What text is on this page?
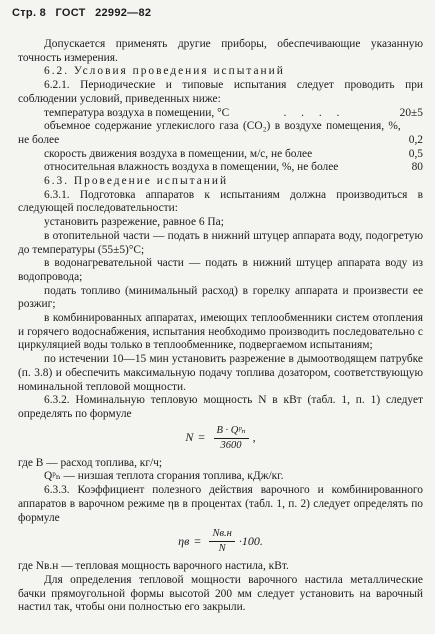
Стр. 8 ГОСТ 22992—82

Допускается применять другие приборы, обеспечивающие указанную точность измерения.

6.2. Условия проведения испытаний

6.2.1. Периодические и типовые испытания следует проводить при соблюдении условий, приведенных ниже:

температура воздуха в помещении, °С	. . . .	20±5

объемное содержание углекислого газа (CO₂) в воздухе помещения, %, не более	0,2
скорость движения воздуха в помещении, м/с, не более	0,5
относительная влажность воздуха в помещении, %, не более	80

6.3. Проведение испытаний

6.3.1. Подготовка аппаратов к испытаниям должна производиться в следующей последовательности:

установить разрежение, равное 6 Па;

в отопительной части — подать в нижний штуцер аппарата воду, подогретую до температуры (55±5)°С;

в водонагревательной части — подать в нижний штуцер аппарата воду из водопровода;

подать топливо (минимальный расход) в горелку аппарата и произвести ее розжиг;

в комбинированных аппаратах, имеющих теплообменники систем отопления и горячего водоснабжения, испытания необходимо производить последовательно с циркуляцией воды только в теплообменнике, подвергаемом испытаниям;

по истечении 10—15 мин установить разрежение в дымоотводящем патрубке (п. 3.8) и обеспечить максимальную подачу топлива дозатором, соответствующую номинальной тепловой мощности.

6.3.2. Номинальную тепловую мощность N в кВт (табл. 1, п. 1) следует определять по формуле

$N = \frac{\text{B · Qᵖₙ}}{3600}$ ,

где B — расход топлива, кг/ч;

Qᵖₙ — низшая теплота сгорания топлива, кДж/кг.

6.3.3. Коэффициент полезного действия варочного и комбинированного аппаратов в варочном режиме ηв в процентах (табл. 1, п. 2) следует определять по формуле

$\eta в = \frac{Nв.н}{N} \cdot 100$.

где Nв.н — тепловая мощность варочного настила, кВт.

Для определения тепловой мощности варочного настила металлические бачки прямоугольной формы высотой 200 мм следует установить на варочный настил так, чтобы они полностью его закрыли.
